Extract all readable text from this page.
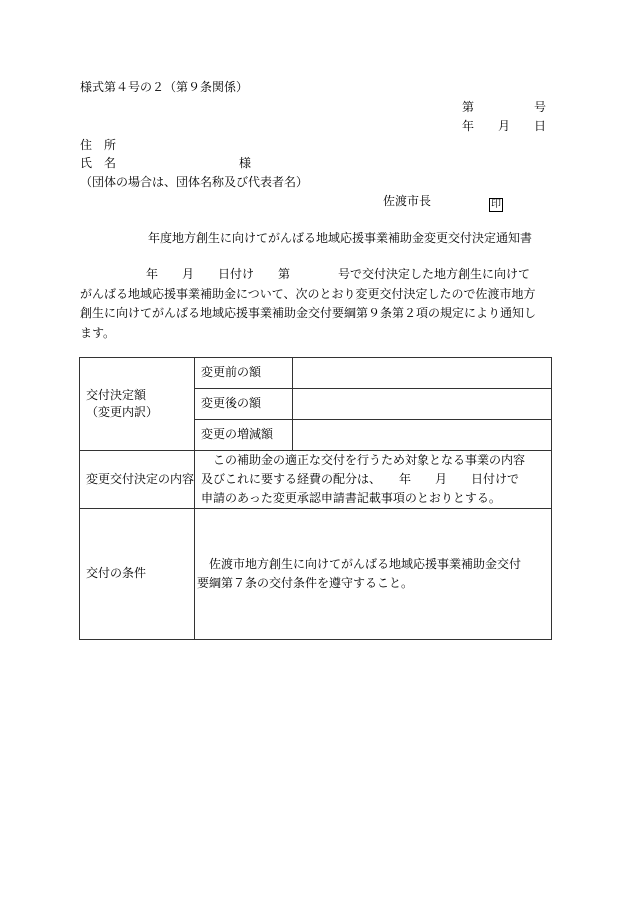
様式第４号の２（第９条関係）
第　　　　　号
年　　月　　日
住　所
氏　名	様
（団体の場合は、団体名称及び代表者名）
佐渡市長	印
年度地方創生に向けてがんばる地域応援事業補助金変更交付決定通知書
年　　月　　日付け　　第　　　　号で交付決定した地方創生に向けて
がんばる地域応援事業補助金について、次のとおり変更交付決定したので佐渡市地方
創生に向けてがんばる地域応援事業補助金交付要綱第９条第２項の規定により通知し
ます。
交付決定額
（変更内訳）	変更前の額	
	変更後の額	
	変更の増減額	
変更交付決定の内容	この補助金の適正な交付を行うため対象となる事業の内容
及びこれに要する経費の配分は、　　年　　月　　日付けで
申請のあった変更承認申請書記載事項のとおりとする。	

交付の条件	佐渡市地方創生に向けてがんばる地域応援事業補助金交付
要綱第７条の交付条件を遵守すること。	
